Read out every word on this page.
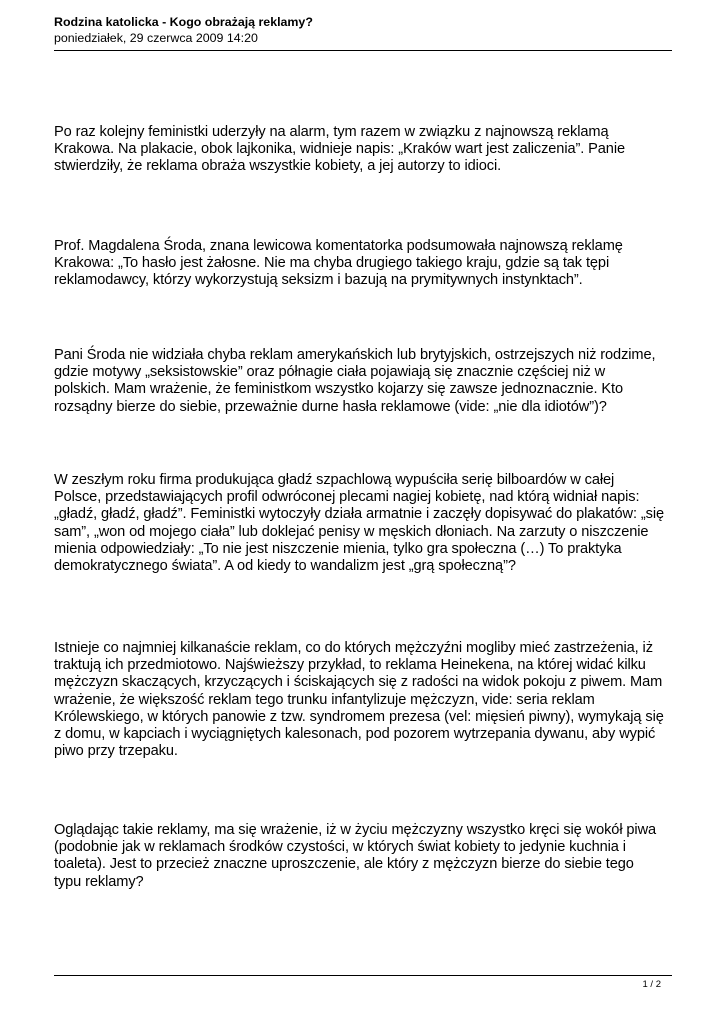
Rodzina katolicka - Kogo obrażają reklamy?
poniedziałek, 29 czerwca 2009 14:20

Po raz kolejny feministki uderzyły na alarm, tym razem w związku z najnowszą reklamą
Krakowa. Na plakacie, obok lajkonika, widnieje napis: „Kraków wart jest zaliczenia”. Panie
stwierdziły, że reklama obraża wszystkie kobiety, a jej autorzy to idioci.

Prof. Magdalena Środa, znana lewicowa komentatorka podsumowała najnowszą reklamę
Krakowa: „To hasło jest żałosne. Nie ma chyba drugiego takiego kraju, gdzie są tak tępi
reklamodawcy, którzy wykorzystują seksizm i bazują na prymitywnych instynktach”.

Pani Środa nie widziała chyba reklam amerykańskich lub brytyjskich, ostrzejszych niż rodzime,
gdzie motywy „seksistowskie” oraz półnagie ciała pojawiają się znacznie częściej niż w
polskich. Mam wrażenie, że feministkom wszystko kojarzy się zawsze jednoznacznie. Kto
rozsądny bierze do siebie, przeważnie durne hasła reklamowe (vide: „nie dla idiotów”)?

W zeszłym roku firma produkująca gładź szpachlową wypuściła serię bilboardów w całej
Polsce, przedstawiających profil odwróconej plecami nagiej kobietę, nad którą widniał napis:
„gładź, gładź, gładź”. Feministki wytoczyły działa armatnie i zaczęły dopisywać do plakatów: „się
sam”, „won od mojego ciała” lub doklejać penisy w męskich dłoniach. Na zarzuty o niszczenie
mienia odpowiedziały: „To nie jest niszczenie mienia, tylko gra społeczna (…) To praktyka
demokratycznego świata”. A od kiedy to wandalizm jest „grą społeczną”?

Istnieje co najmniej kilkanaście reklam, co do których mężczyźni mogliby mieć zastrzeżenia, iż
traktują ich przedmiotowo. Najświeższy przykład, to reklama Heinekena, na której widać kilku
mężczyzn skaczących, krzyczących i ściskających się z radości na widok pokoju z piwem. Mam
wrażenie, że większość reklam tego trunku infantylizuje mężczyzn, vide: seria reklam
Królewskiego, w których panowie z tzw. syndromem prezesa (vel: mięsień piwny), wymykają się
z domu, w kapciach i wyciągniętych kalesonach, pod pozorem wytrzepania dywanu, aby wypić
piwo przy trzepaku.

Oglądając takie reklamy, ma się wrażenie, iż w życiu mężczyzny wszystko kręci się wokół piwa
(podobnie jak w reklamach środków czystości, w których świat kobiety to jedynie kuchnia i
toaleta). Jest to przecież znaczne uproszczenie, ale który z mężczyzn bierze do siebie tego
typu reklamy?

1 / 2
